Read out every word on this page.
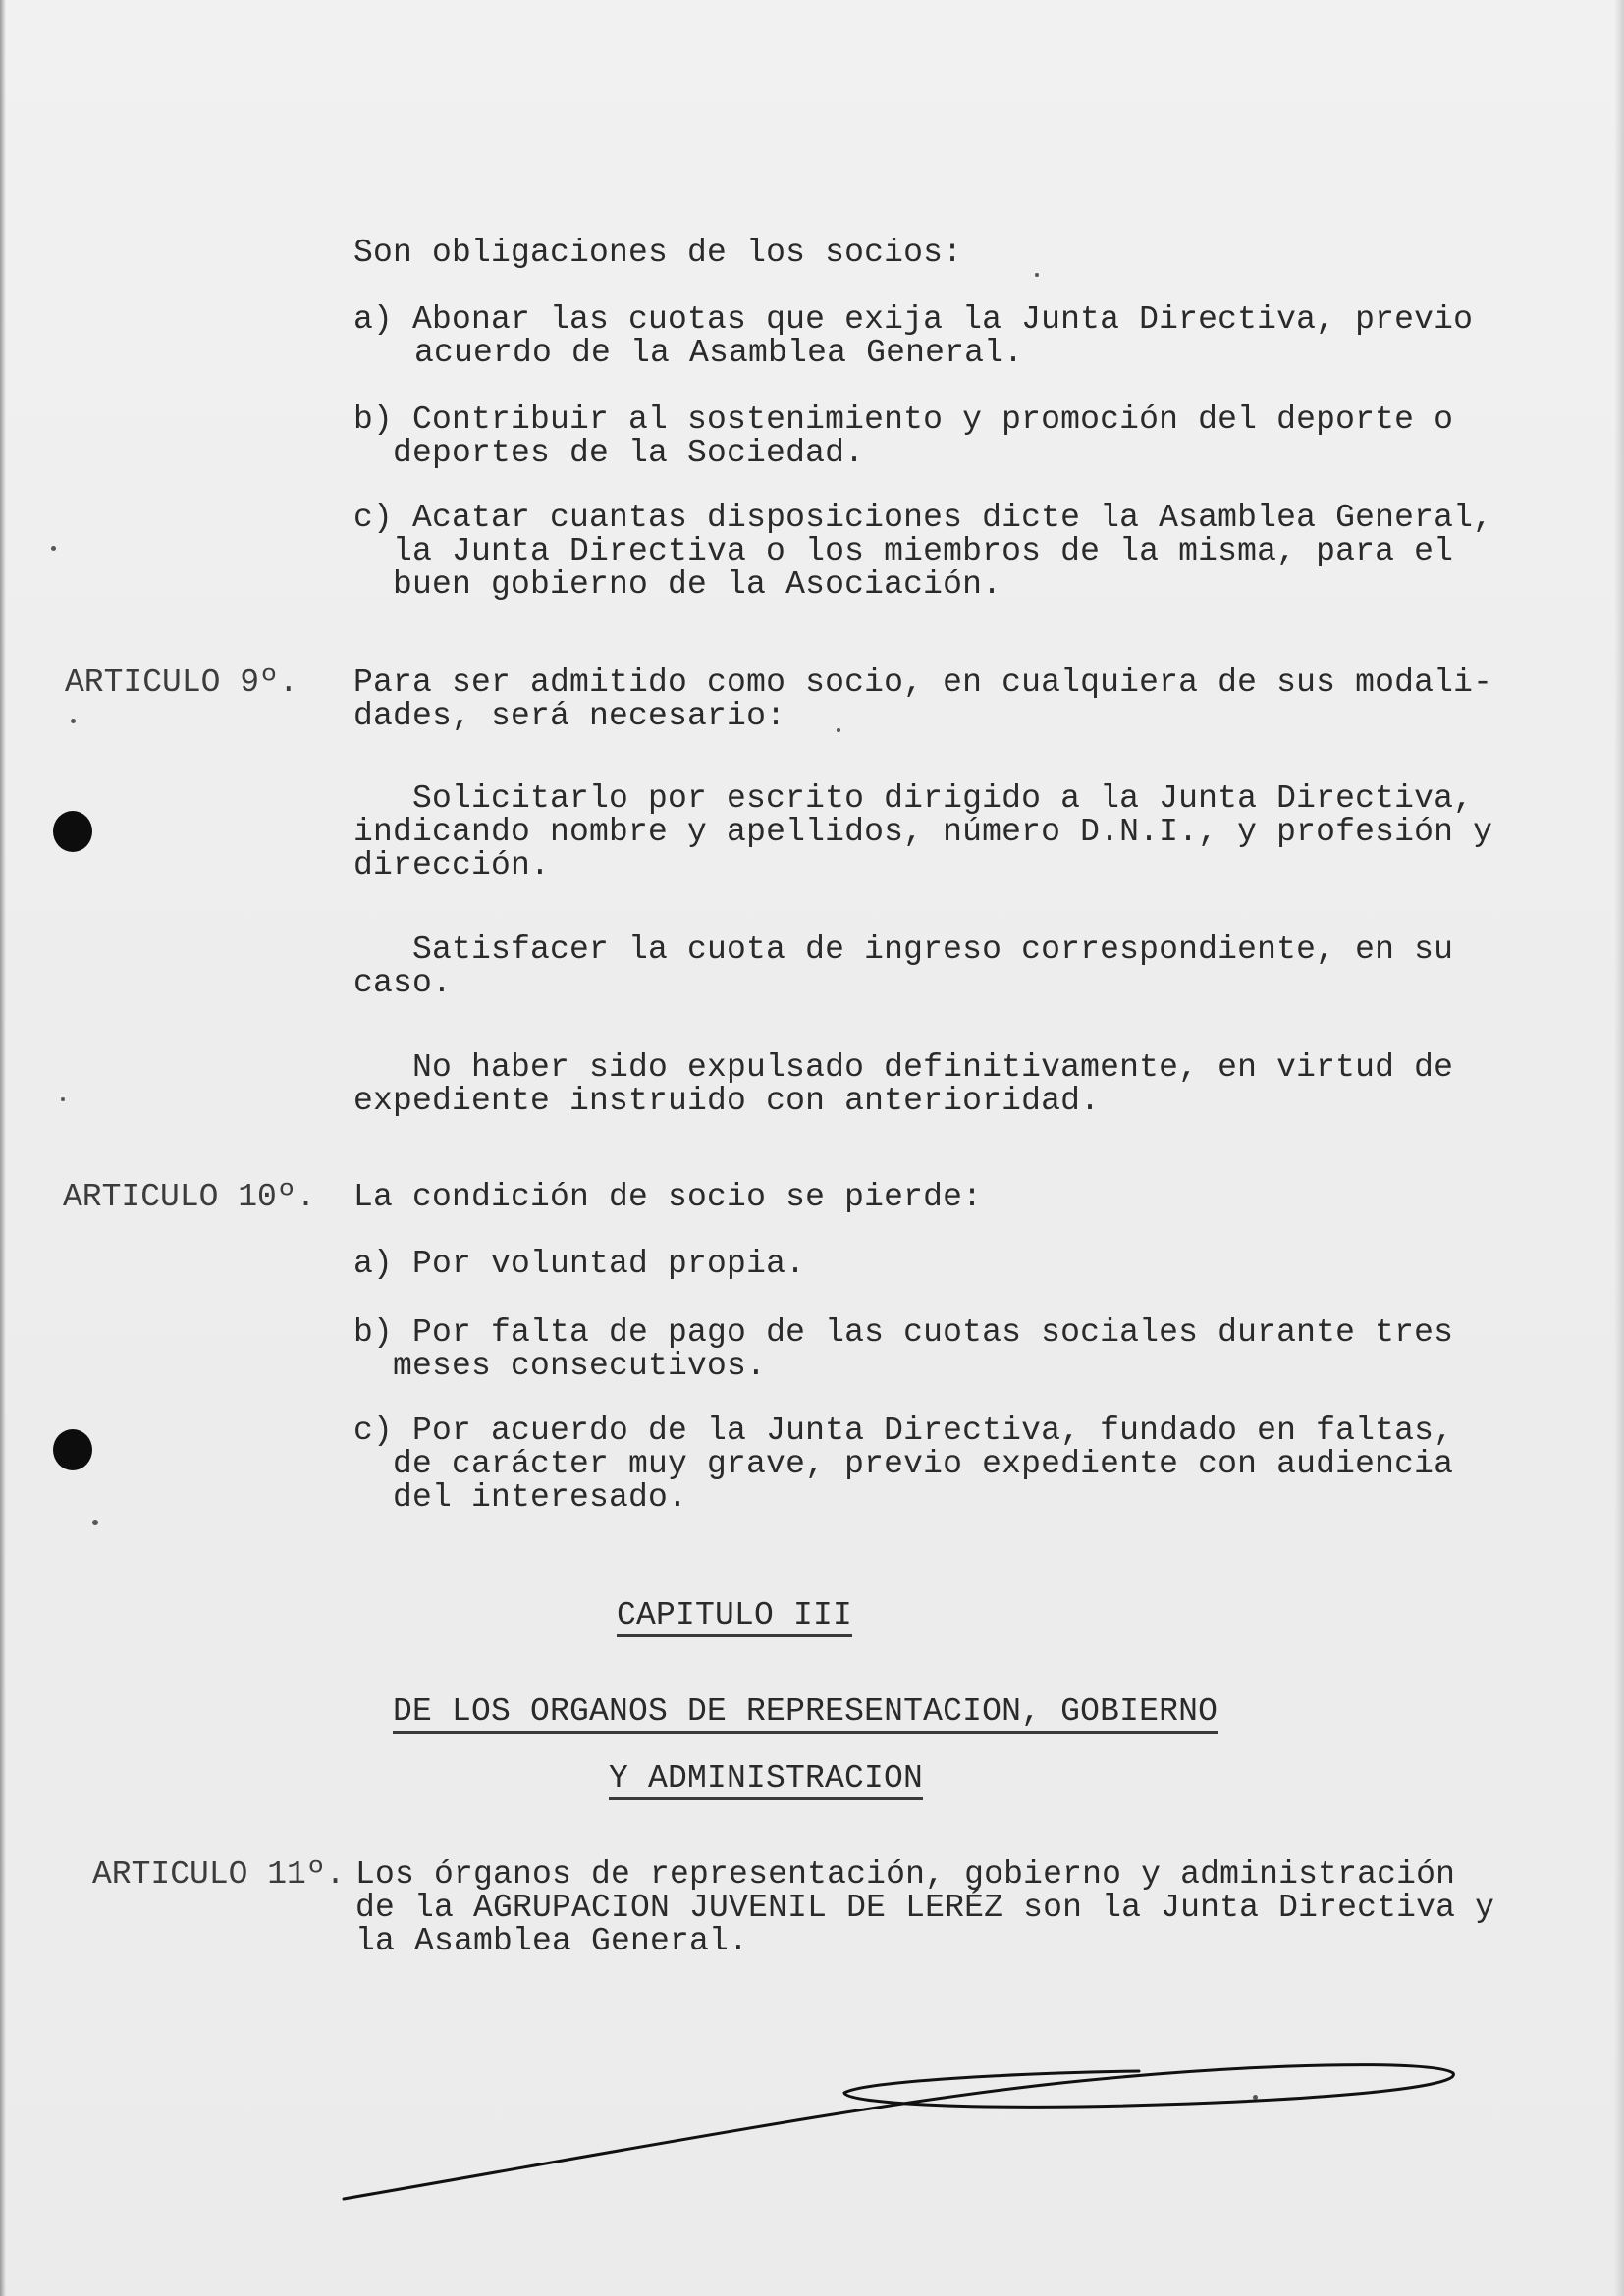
Son obligaciones de los socios:
a) Abonar las cuotas que exija la Junta Directiva, previo
acuerdo de la Asamblea General.
b) Contribuir al sostenimiento y promoción del deporte o
deportes de la Sociedad.
c) Acatar cuantas disposiciones dicte la Asamblea General,
la Junta Directiva o los miembros de la misma, para el
buen gobierno de la Asociación.
ARTICULO 9º. Para ser admitido como socio, en cualquiera de sus modali-
dades, será necesario:
Solicitarlo por escrito dirigido a la Junta Directiva,
indicando nombre y apellidos, número D.N.I., y profesión y
dirección.
Satisfacer la cuota de ingreso correspondiente, en su
caso.
No haber sido expulsado definitivamente, en virtud de
expediente instruido con anterioridad.
ARTICULO 10º. La condición de socio se pierde:
a) Por voluntad propia.
b) Por falta de pago de las cuotas sociales durante tres
meses consecutivos.
c) Por acuerdo de la Junta Directiva, fundado en faltas,
de carácter muy grave, previo expediente con audiencia
del interesado.
CAPITULO III
DE LOS ORGANOS DE REPRESENTACION, GOBIERNO
Y ADMINISTRACION
ARTICULO 11º. Los órganos de representación, gobierno y administración
de la AGRUPACION JUVENIL DE LERÉZ son la Junta Directiva y
la Asamblea General.
